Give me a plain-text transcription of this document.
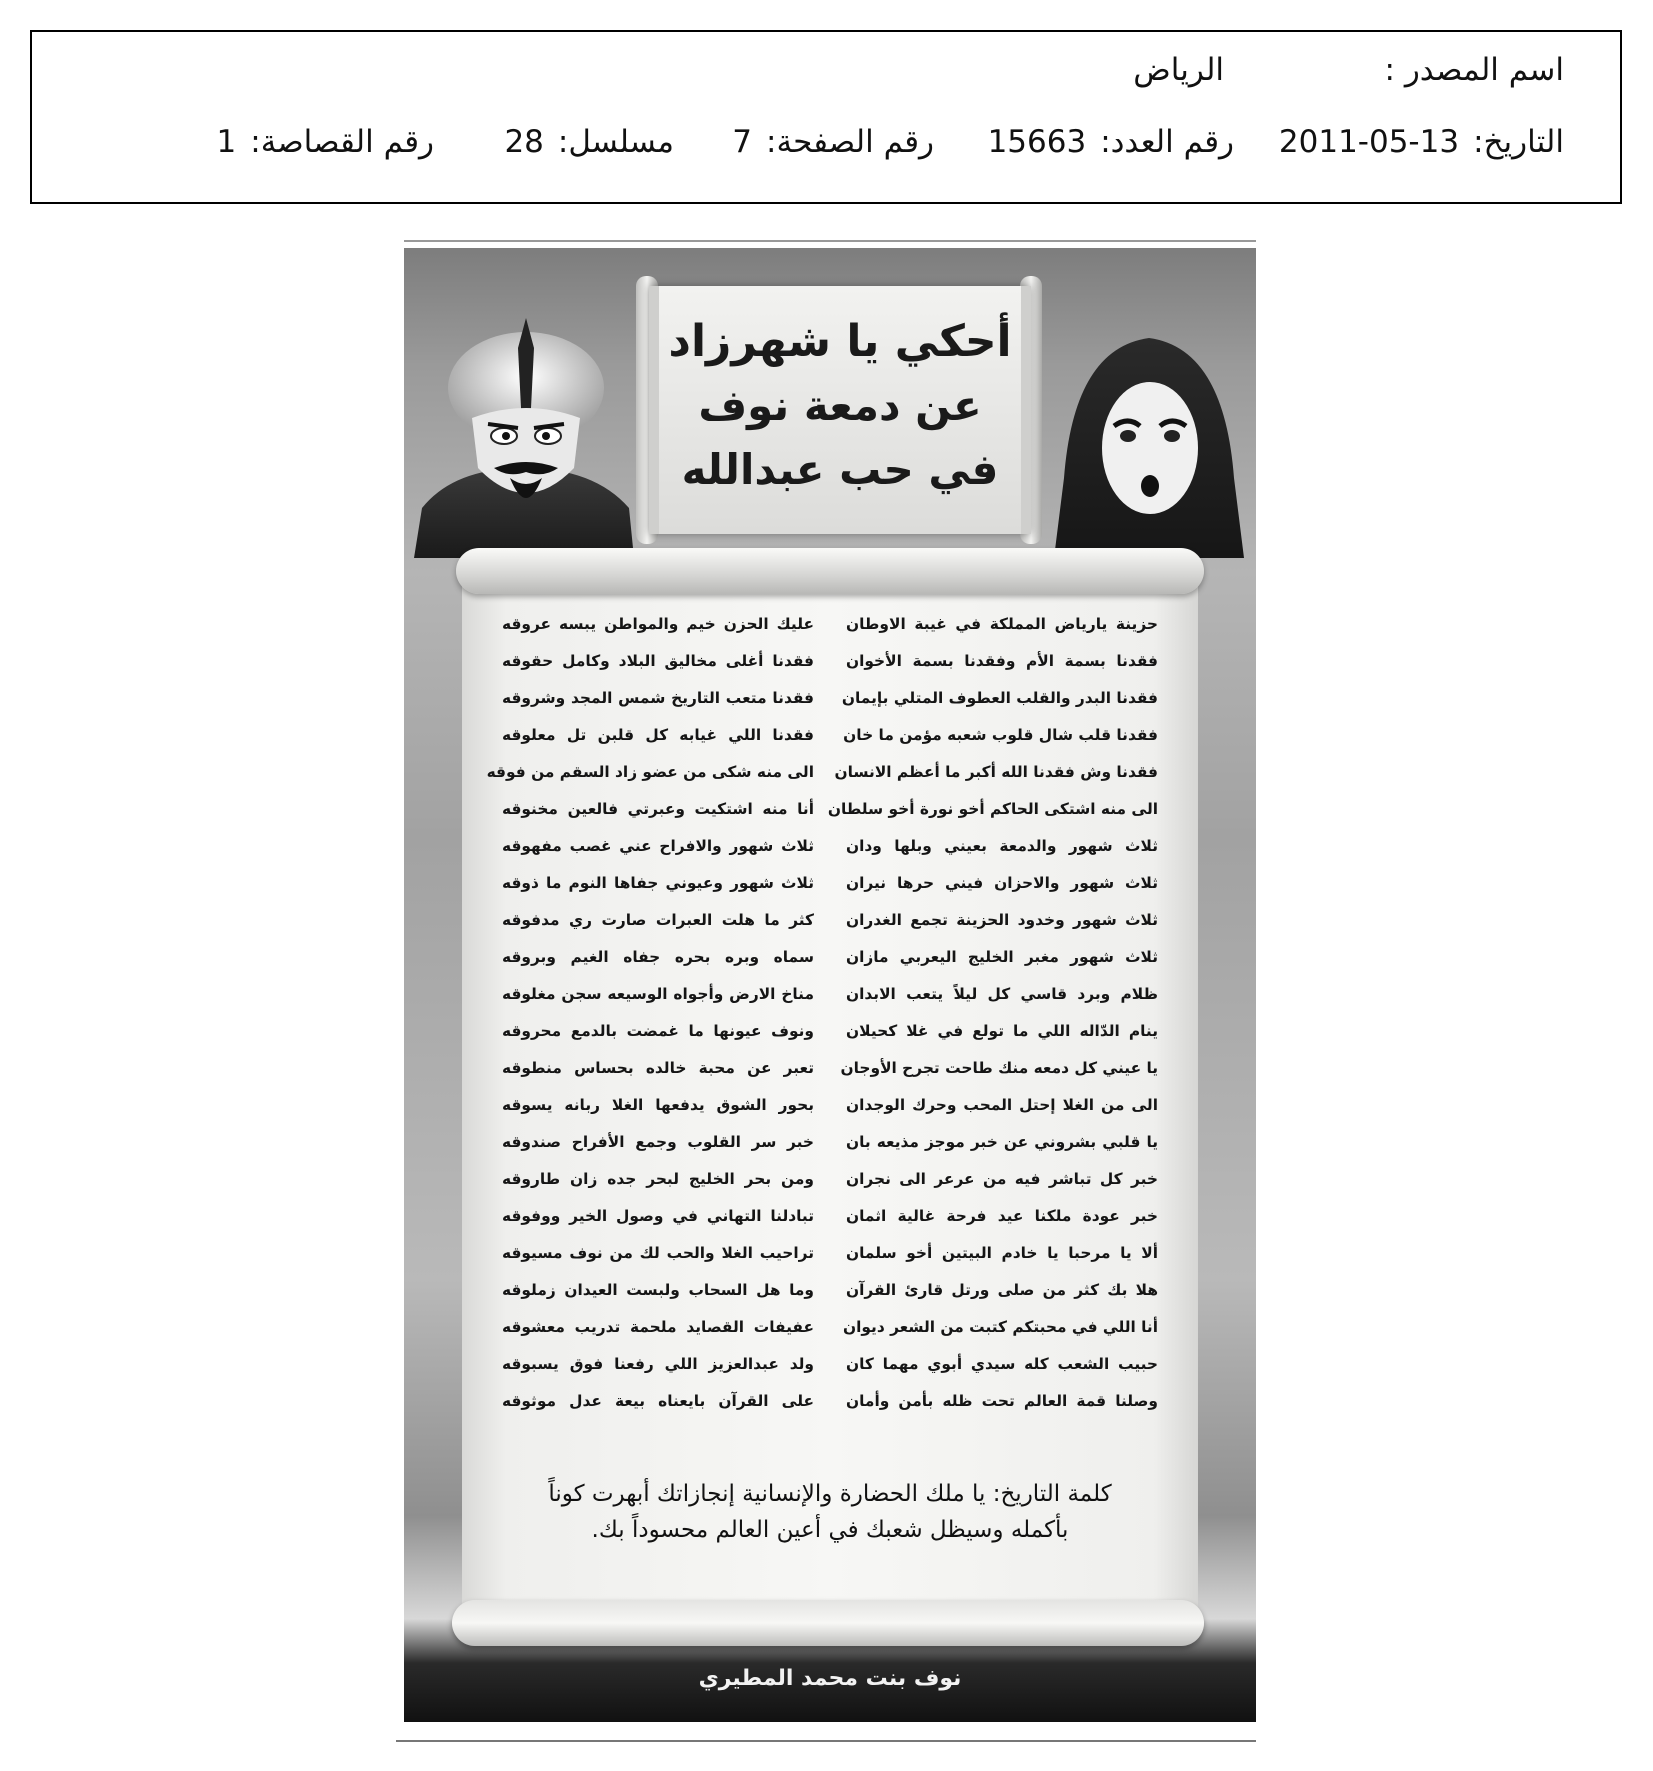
اسم المصدر :
الرياض
التاريخ:2011-05-13
رقم العدد:15663
رقم الصفحة:7
مسلسل:28
رقم القصاصة:1
أحكي يا شهرزاد
عن دمعة نوف
في حب عبدالله
حزينة يارياض المملكة في غيبة الاوطان
فقدنا بسمة الأم وفقدنا بسمة الأخوان
فقدنا البدر والقلب العطوف المتلي بإيمان
فقدنا قلب شال قلوب شعبه مؤمن ما خان
فقدنا وش فقدنا الله أكبر ما أعظم الانسان
الى منه اشتكى الحاكم أخو نورة أخو سلطان
ثلاث شهور والدمعة بعيني وبلها ودان
ثلاث شهور والاحزان فيني حرها نيران
ثلاث شهور وخدود الحزينة تجمع الغدران
ثلاث شهور مغبر الخليج اليعربي مازان
ظلام وبرد قاسي كل ليلاً يتعب الابدان
ينام الدّاله اللي ما تولع في غلا كحيلان
يا عيني كل دمعه منك طاحت تجرح الأوجان
الى من الغلا إحتل المحب وحرك الوجدان
يا قلبي بشروني عن خبر موجز مذيعه بان
خبر كل تباشر فيه من عرعر الى نجران
خبر عودة ملكنا عيد فرحة غالية اثمان
ألا يا مرحبا يا خادم البيتين أخو سلمان
هلا بك كثر من صلى ورتل قارئ القرآن
أنا اللي في محبتكم كتبت من الشعر ديوان
حبيب الشعب كله سيدي أبوي مهما كان
وصلنا قمة العالم تحت ظله بأمن وأمان
عليك الحزن خيم والمواطن يبسه عروقه
فقدنا أغلى مخاليق البلاد وكامل حقوقه
فقدنا متعب التاريخ شمس المجد وشروقه
فقدنا اللي غيابه كل قلبن تل معلوقه
الى منه شكى من عضو زاد السقم من فوقه
أنا منه اشتكيت وعبرتي فالعين مخنوقه
ثلاث شهور والافراح عني غصب مفهوقه
ثلاث شهور وعيوني جفاها النوم ما ذوقه
كثر ما هلت العبرات صارت ري مدفوقه
سماه وبره بحره جفاه الغيم وبروقه
مناخ الارض وأجواه الوسيعه سجن مغلوقه
ونوف عيونها ما غمضت بالدمع محروقه
تعبر عن محبة خالده بحساس منطوقه
بحور الشوق يدفعها الغلا ربانه يسوقه
خبر سر القلوب وجمع الأفراح صندوقه
ومن بحر الخليج لبحر جده زان طاروقه
تبادلنا التهاني في وصول الخير ووفوقه
تراحيب الغلا والحب لك من نوف مسيوقه
وما هل السحاب ولبست العيدان زملوقه
عفيفات القصايد ملحمة تدريب معشوقه
ولد عبدالعزيز اللي رفعنا فوق يسبوقه
على القرآن بايعناه بيعة عدل موثوقه
كلمة التاريخ: يا ملك الحضارة والإنسانية إنجازاتك أبهرت كوناً
بأكمله وسيظل شعبك في أعين العالم محسوداً بك.
نوف بنت محمد المطيري
